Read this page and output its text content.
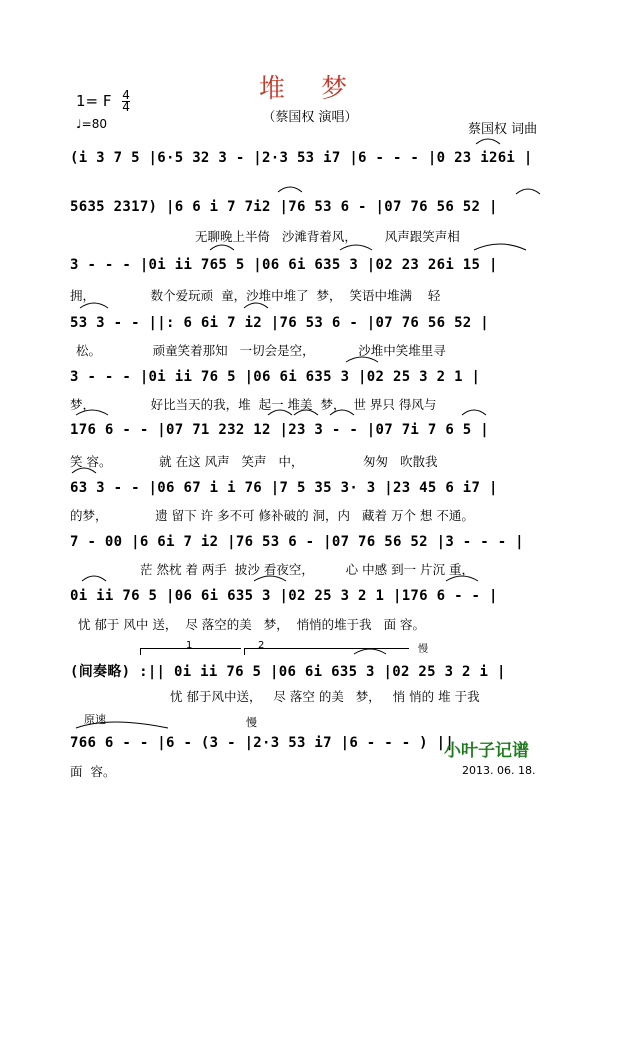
堆 梦
（蔡国权 演唱）
1= F $\frac{4}{4}$
♩=80	蔡国权 词曲
(i 3 7 5 |6·5 32 3 - |2·3 53 i7 |6 - - - |0 23 i26i |
5635 2317) |6 6 i 7 7i2 |76 53 6 - |07 76 56 52 |
无聊晚上半倚   沙滩背着风，       风声跟笑声相
3 - - - |0i ii 765 5 |06 6i 635 3 |02 23 26i 15 |
拥，              数个爱玩顽  童，沙堆中堆了  梦，  笑语中堆满    轻
53 3 - - ||: 6 6i 7 i2 |76 53 6 - |07 76 56 52 |
松。             顽童笑着那知   一切会是空，           沙堆中笑堆里寻
3 - - - |0i ii 76 5 |06 6i 635 3 |02 25 3 2 1 |
梦，              好比当天的我，堆  起一 堆美  梦，  世 界只 得风与
176 6 - - |07 71 232 12 |23 3 - - |07 7i 7 6 5 |
笑 容。            就 在这 风声   笑声   中，               匆匆   吹散我
63 3 - - |06 67 i i 76 |7 5 35 3· 3 |23 45 6 i7 |
的梦，            遗 留下 许 多不可 修补破的 洞，内   藏着 万个 想 不通。
7 - 00 |6 6i 7 i2 |76 53 6 - |07 76 56 52 |3 - - - |
茫 然枕 着 两手  披沙 看夜空，        心 中感 到一 片沉 重，
0i ii 76 5 |06 6i 635 3 |02 25 3 2 1 |176 6 - - |
忧 郁于 风中 送，  尽 落空的美   梦，  悄悄的堆于我   面 容。
1	2	慢
(间奏略) :|| 0i ii 76 5 |06 6i 635 3 |02 25 3 2 i |
忧 郁于风中送，   尽 落空 的美   梦，   悄 悄的 堆 于我
原速	慢
766 6 - - |6 - (3 - |2·3 53 i7 |6 - - - ) ||
面  容。
小叶子记谱
2013. 06. 18.
